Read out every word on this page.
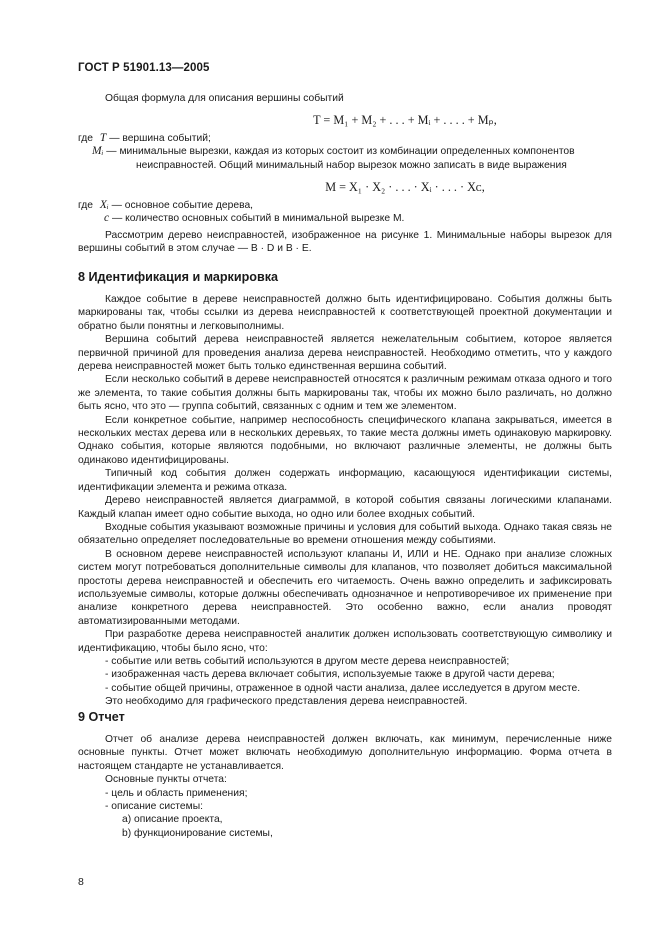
ГОСТ Р 51901.13—2005

Общая формула для описания вершины событий

T = M₁ + M₂ + . . . + Mᵢ + . . . . + Mₚ,
где T — вершина событий;
Mᵢ — минимальные вырезки, каждая из которых состоит из комбинации определенных компонентов
неисправностей. Общий минимальный набор вырезок можно записать в виде выражения
M = X₁ · X₂ · . . . · Xᵢ · . . . · Xᴄ,
где Xᵢ — основное событие дерева,
c — количество основных событий в минимальной вырезке M.

Рассмотрим дерево неисправностей, изображенное на рисунке 1. Минимальные наборы вырезок для вершины событий в этом случае — B · D и B · E.

8 Идентификация и маркировка

Каждое событие в дереве неисправностей должно быть идентифицировано. События должны быть маркированы так, чтобы ссылки из дерева неисправностей к соответствующей проектной документации и обратно были понятны и легковыполнимы.

Вершина событий дерева неисправностей является нежелательным событием, которое является первичной причиной для проведения анализа дерева неисправностей. Необходимо отметить, что у каждого дерева неисправностей может быть только единственная вершина событий.

Если несколько событий в дереве неисправностей относятся к различным режимам отказа одного и того же элемента, то такие события должны быть маркированы так, чтобы их можно было различать, но должно быть ясно, что это — группа событий, связанных с одним и тем же элементом.

Если конкретное событие, например неспособность специфического клапана закрываться, имеется в нескольких местах дерева или в нескольких деревьях, то такие места должны иметь одинаковую маркировку. Однако события, которые являются подобными, но включают различные элементы, не должны быть одинаково идентифицированы.

Типичный код события должен содержать информацию, касающуюся идентификации системы, идентификации элемента и режима отказа.

Дерево неисправностей является диаграммой, в которой события связаны логическими клапанами. Каждый клапан имеет одно событие выхода, но одно или более входных событий.

Входные события указывают возможные причины и условия для событий выхода. Однако такая связь не обязательно определяет последовательные во времени отношения между событиями.

В основном дереве неисправностей используют клапаны И, ИЛИ и НЕ. Однако при анализе сложных систем могут потребоваться дополнительные символы для клапанов, что позволяет добиться максимальной простоты дерева неисправностей и обеспечить его читаемость. Очень важно определить и зафиксировать используемые символы, которые должны обеспечивать однозначное и непротиворечивое их применение при анализе конкретного дерева неисправностей. Это особенно важно, если анализ проводят автоматизированными методами.

При разработке дерева неисправностей аналитик должен использовать соответствующую символику и идентификацию, чтобы было ясно, что:

- событие или ветвь событий используются в другом месте дерева неисправностей;

- изображенная часть дерева включает события, используемые также в другой части дерева;

- событие общей причины, отраженное в одной части анализа, далее исследуется в другом месте.

Это необходимо для графического представления дерева неисправностей.

9 Отчет

Отчет об анализе дерева неисправностей должен включать, как минимум, перечисленные ниже основные пункты. Отчет может включать необходимую дополнительную информацию. Форма отчета в настоящем стандарте не устанавливается.

Основные пункты отчета:

- цель и область применения;

- описание системы:

a) описание проекта,

b) функционирование системы,

8
